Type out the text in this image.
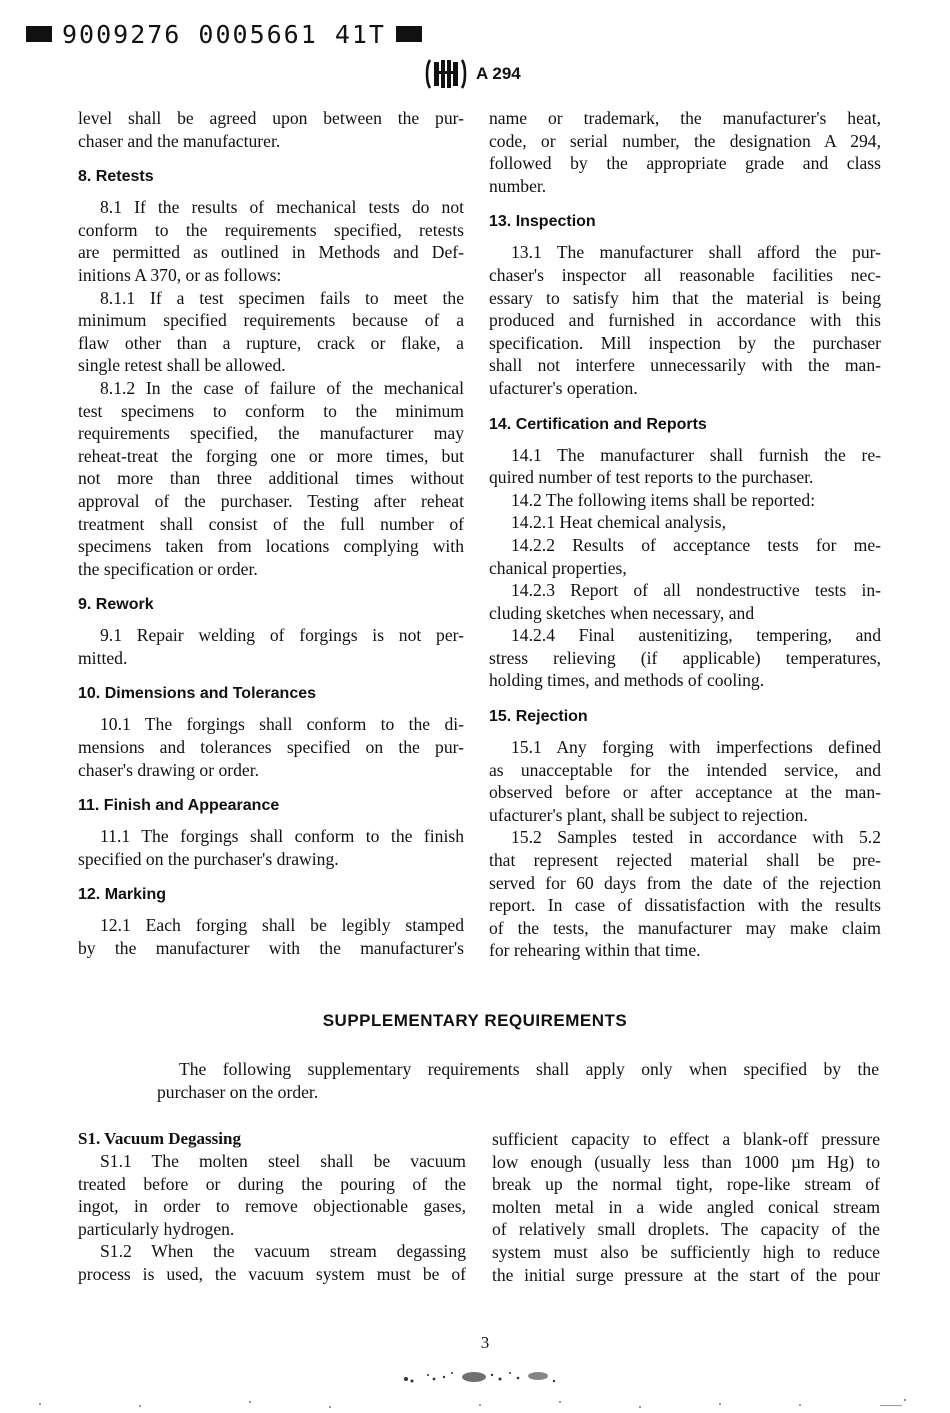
9009276 0005661 41T
A 294
level shall be agreed upon between the pur-
chaser and the manufacturer.
8. Retests
8.1 If the results of mechanical tests do not
conform to the requirements specified, retests
are permitted as outlined in Methods and Def-
initions A 370, or as follows:
8.1.1 If a test specimen fails to meet the
minimum specified requirements because of a
flaw other than a rupture, crack or flake, a
single retest shall be allowed.
8.1.2 In the case of failure of the mechanical
test specimens to conform to the minimum
requirements specified, the manufacturer may
reheat-treat the forging one or more times, but
not more than three additional times without
approval of the purchaser. Testing after reheat
treatment shall consist of the full number of
specimens taken from locations complying with
the specification or order.
9. Rework
9.1 Repair welding of forgings is not per-
mitted.
10. Dimensions and Tolerances
10.1 The forgings shall conform to the di-
mensions and tolerances specified on the pur-
chaser's drawing or order.
11. Finish and Appearance
11.1 The forgings shall conform to the finish
specified on the purchaser's drawing.
12. Marking
12.1 Each forging shall be legibly stamped
by the manufacturer with the manufacturer's
name or trademark, the manufacturer's heat,
code, or serial number, the designation A 294,
followed by the appropriate grade and class
number.
13. Inspection
13.1 The manufacturer shall afford the pur-
chaser's inspector all reasonable facilities nec-
essary to satisfy him that the material is being
produced and furnished in accordance with this
specification. Mill inspection by the purchaser
shall not interfere unnecessarily with the man-
ufacturer's operation.
14. Certification and Reports
14.1 The manufacturer shall furnish the re-
quired number of test reports to the purchaser.
14.2 The following items shall be reported:
14.2.1 Heat chemical analysis,
14.2.2 Results of acceptance tests for me-
chanical properties,
14.2.3 Report of all nondestructive tests in-
cluding sketches when necessary, and
14.2.4 Final austenitizing, tempering, and
stress relieving (if applicable) temperatures,
holding times, and methods of cooling.
15. Rejection
15.1 Any forging with imperfections defined
as unacceptable for the intended service, and
observed before or after acceptance at the man-
ufacturer's plant, shall be subject to rejection.
15.2 Samples tested in accordance with 5.2
that represent rejected material shall be pre-
served for 60 days from the date of the rejection
report. In case of dissatisfaction with the results
of the tests, the manufacturer may make claim
for rehearing within that time.
SUPPLEMENTARY REQUIREMENTS
The following supplementary requirements shall apply only when specified by the
purchaser on the order.
S1. Vacuum Degassing
S1.1 The molten steel shall be vacuum
treated before or during the pouring of the
ingot, in order to remove objectionable gases,
particularly hydrogen.
S1.2 When the vacuum stream degassing
process is used, the vacuum system must be of
sufficient capacity to effect a blank-off pressure
low enough (usually less than 1000 µm Hg) to
break up the normal tight, rope-like stream of
molten metal in a wide angled conical stream
of relatively small droplets. The capacity of the
system must also be sufficiently high to reduce
the initial surge pressure at the start of the pour
3
